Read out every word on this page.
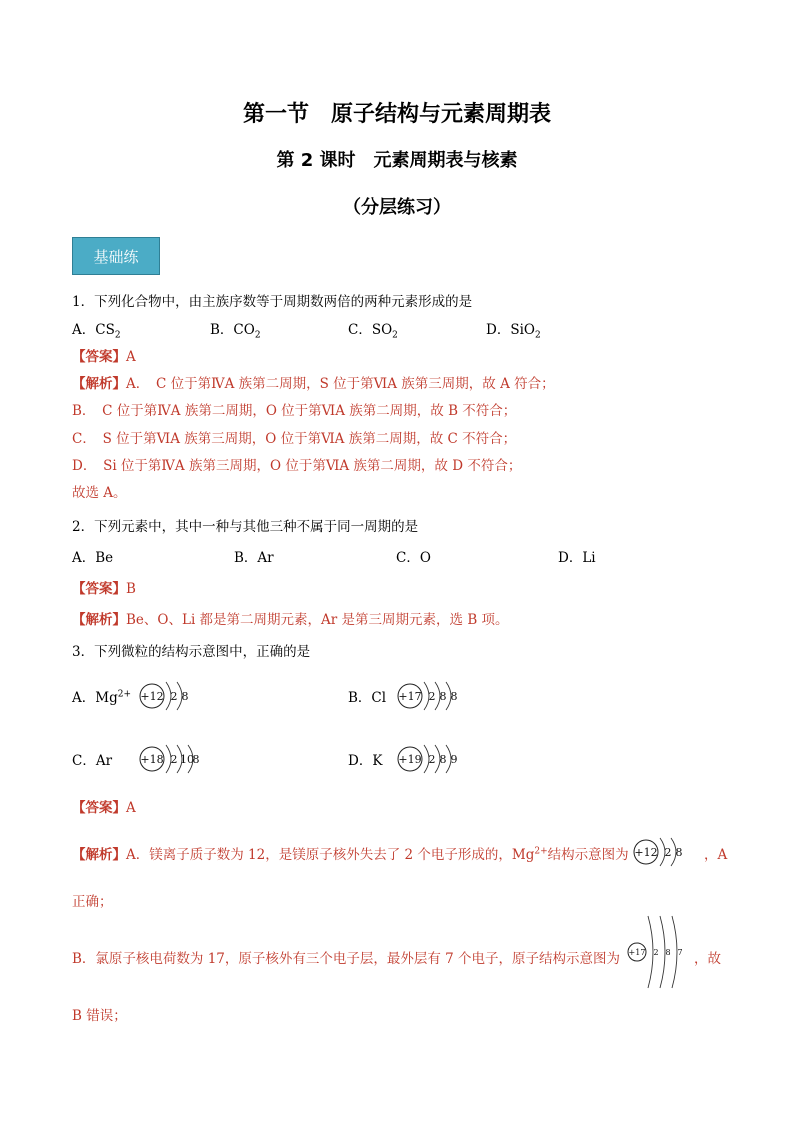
第一节　原子结构与元素周期表
第 2 课时　元素周期表与核素
（分层练习）
基础练
1．下列化合物中，由主族序数等于周期数两倍的两种元素形成的是
A．$CS_2$	B．$CO_2$	C．$SO_2$	D．SiO$_2$
【答案】A
【解析】A．　C 位于第ⅣA 族第二周期，S 位于第ⅥA 族第三周期，故 A 符合；
B．　C 位于第ⅣA 族第二周期，O 位于第ⅥA 族第二周期，故 B 不符合；
C．　S 位于第ⅥA 族第三周期，O 位于第ⅥA 族第二周期，故 C 不符合；
D．　Si 位于第ⅣA 族第三周期，O 位于第ⅥA 族第二周期，故 D 不符合；
故选 A。
2．下列元素中，其中一种与其他三种不属于同一周期的是
A．Be	B．Ar	C．O	D．Li
【答案】B
【解析】Be、O、Li 都是第二周期元素，Ar 是第三周期元素，选 B 项。
3．下列微粒的结构示意图中，正确的是
A．$Mg^{2+} +12$ 2 8	B．Cl +17 2 8 8
C．Ar	+18 2 10
8	D．K +19 2 8 9
【答案】A
【解析】A．镁离子质子数为 12，是镁原子核外失去了 2 个电子形成的，$Mg^{2+}$结构示意图为 +12 2 8 ，A
正确；
B．氯原子核电荷数为 17，原子核外有三个电子层，最外层有 7 个电子，原子结构示意图为 +17 2 8 7 ，故
B 错误；
